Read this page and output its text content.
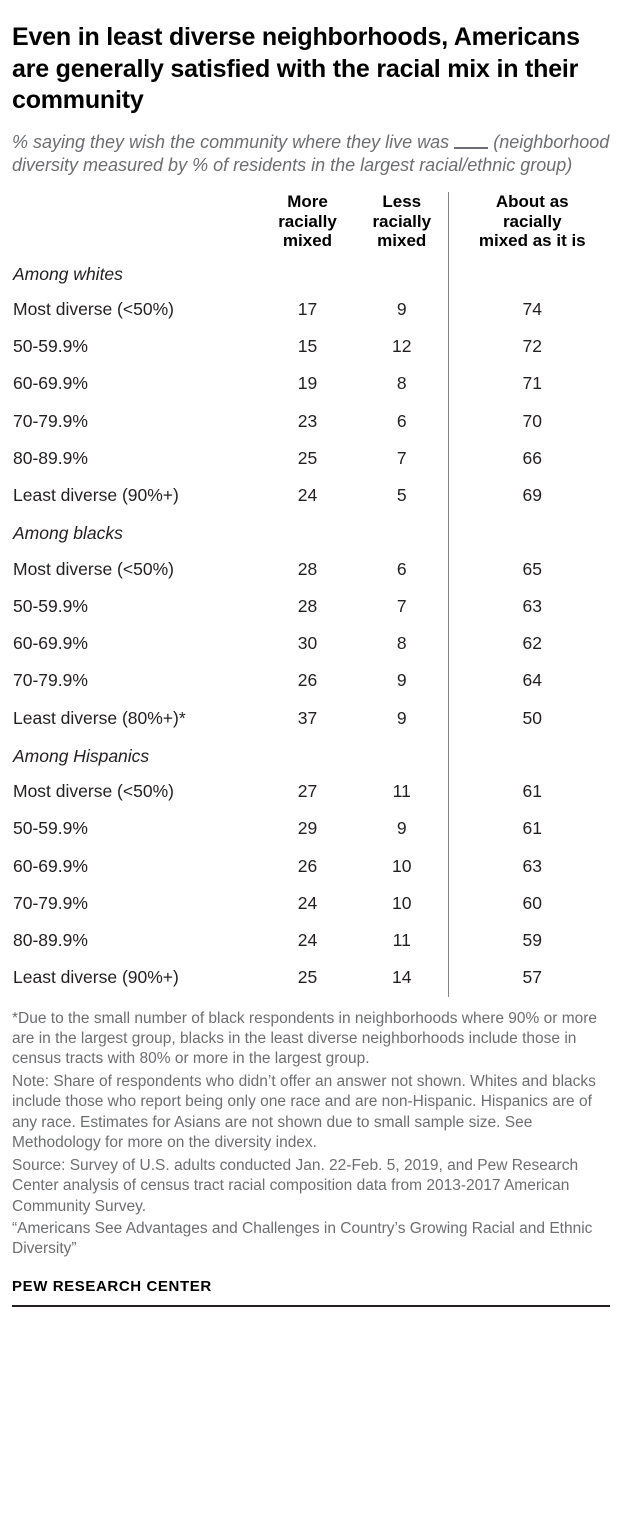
Even in least diverse neighborhoods, Americans are generally satisfied with the racial mix in their community
% saying they wish the community where they live was (neighborhood diversity measured by % of residents in the largest racial/ethnic group)

More
racially
mixed

Less
racially
mixed

About as
racially
mixed as it is

Among whites			
Most diverse (<50%)	17	9	74
50-59.9%	15	12	72
60-69.9%	19	8	71
70-79.9%	23	6	70
80-89.9%	25	7	66
Least diverse (90%+)	24	5	69
Among blacks			
Most diverse (<50%)	28	6	65
50-59.9%	28	7	63
60-69.9%	30	8	62
70-79.9%	26	9	64
Least diverse (80%+)*	37	9	50
Among Hispanics			
Most diverse (<50%)	27	11	61
50-59.9%	29	9	61
60-69.9%	26	10	63
70-79.9%	24	10	60
80-89.9%	24	11	59
Least diverse (90%+)	25	14	57

*Due to the small number of black respondents in neighborhoods where 90% or more are in the largest group, blacks in the least diverse neighborhoods include those in census tracts with 80% or more in the largest group.

Note: Share of respondents who didn’t offer an answer not shown. Whites and blacks include those who report being only one race and are non-Hispanic. Hispanics are of any race. Estimates for Asians are not shown due to small sample size. See Methodology for more on the diversity index.

Source: Survey of U.S. adults conducted Jan. 22-Feb. 5, 2019, and Pew Research Center analysis of census tract racial composition data from 2013-2017 American Community Survey.

“Americans See Advantages and Challenges in Country’s Growing Racial and Ethnic Diversity”

PEW RESEARCH CENTER
